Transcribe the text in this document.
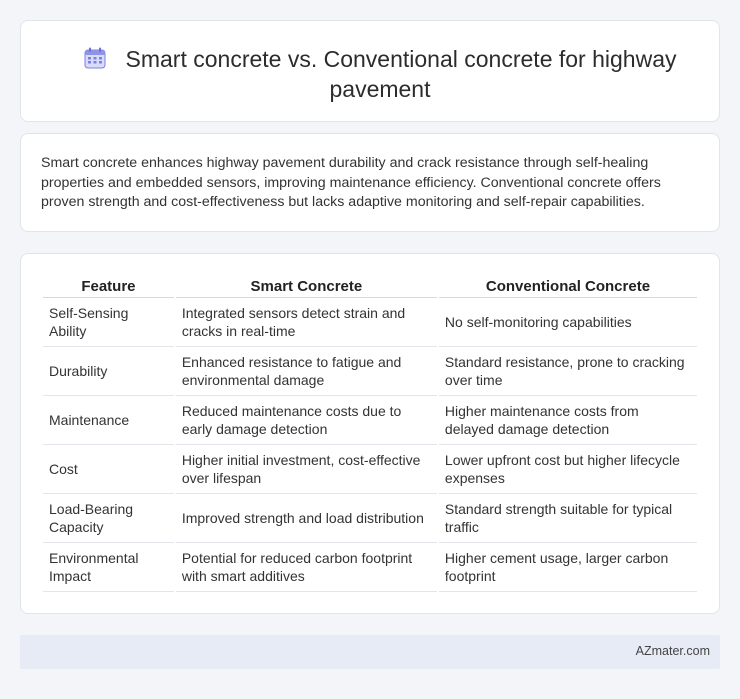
Smart concrete vs. Conventional concrete for highway pavement

Smart concrete enhances highway pavement durability and crack resistance through self-healing properties and embedded sensors, improving maintenance efficiency. Conventional concrete offers proven strength and cost-effectiveness but lacks adaptive monitoring and self-repair capabilities.

Feature	Smart Concrete	Conventional Concrete
Self-Sensing Ability	Integrated sensors detect strain and cracks in real-time	No self-monitoring capabilities
Durability	Enhanced resistance to fatigue and environmental damage	Standard resistance, prone to cracking over time
Maintenance	Reduced maintenance costs due to early damage detection	Higher maintenance costs from delayed damage detection
Cost	Higher initial investment, cost-effective over lifespan	Lower upfront cost but higher lifecycle expenses
Load-Bearing Capacity	Improved strength and load distribution	Standard strength suitable for typical traffic
Environmental Impact	Potential for reduced carbon footprint with smart additives	Higher cement usage, larger carbon footprint
AZmater.com
